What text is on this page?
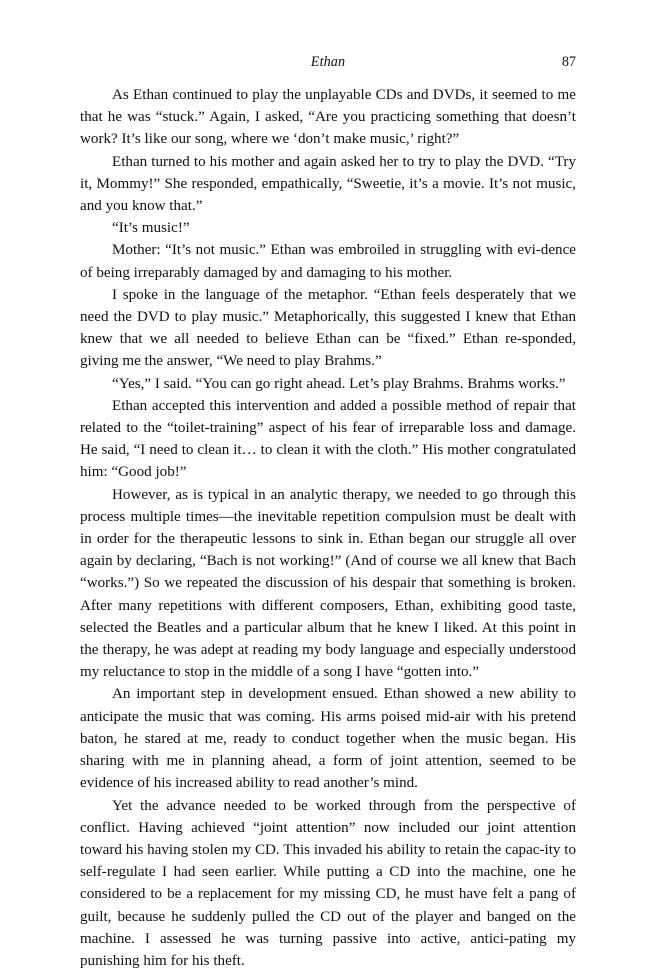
Ethan	87

As Ethan continued to play the unplayable CDs and DVDs, it seemed to me that he was “stuck.” Again, I asked, “Are you practicing something that doesn’t work? It’s like our song, where we ‘don’t make music,’ right?”

Ethan turned to his mother and again asked her to try to play the DVD. “Try it, Mommy!” She responded, empathically, “Sweetie, it’s a movie. It’s not music, and you know that.”

“It’s music!”

Mother: “It’s not music.” Ethan was embroiled in struggling with evi-dence of being irreparably damaged by and damaging to his mother.

I spoke in the language of the metaphor. “Ethan feels desperately that we need the DVD to play music.” Metaphorically, this suggested I knew that Ethan knew that we all needed to believe Ethan can be “fixed.” Ethan re-sponded, giving me the answer, “We need to play Brahms.”

“Yes,” I said. “You can go right ahead. Let’s play Brahms. Brahms works.”

Ethan accepted this intervention and added a possible method of repair that related to the “toilet-training” aspect of his fear of irreparable loss and damage. He said, “I need to clean it… to clean it with the cloth.” His mother congratulated him: “Good job!”

However, as is typical in an analytic therapy, we needed to go through this process multiple times—the inevitable repetition compulsion must be dealt with in order for the therapeutic lessons to sink in. Ethan began our struggle all over again by declaring, “Bach is not working!” (And of course we all knew that Bach “works.”) So we repeated the discussion of his despair that something is broken. After many repetitions with different composers, Ethan, exhibiting good taste, selected the Beatles and a particular album that he knew I liked. At this point in the therapy, he was adept at reading my body language and especially understood my reluctance to stop in the middle of a song I have “gotten into.”

An important step in development ensued. Ethan showed a new ability to anticipate the music that was coming. His arms poised mid-air with his pretend baton, he stared at me, ready to conduct together when the music began. His sharing with me in planning ahead, a form of joint attention, seemed to be evidence of his increased ability to read another’s mind.

Yet the advance needed to be worked through from the perspective of conflict. Having achieved “joint attention” now included our joint attention toward his having stolen my CD. This invaded his ability to retain the capac-ity to self-regulate I had seen earlier. While putting a CD into the machine, one he considered to be a replacement for my missing CD, he must have felt a pang of guilt, because he suddenly pulled the CD out of the player and banged on the machine. I assessed he was turning passive into active, antici-pating my punishing him for his theft.
